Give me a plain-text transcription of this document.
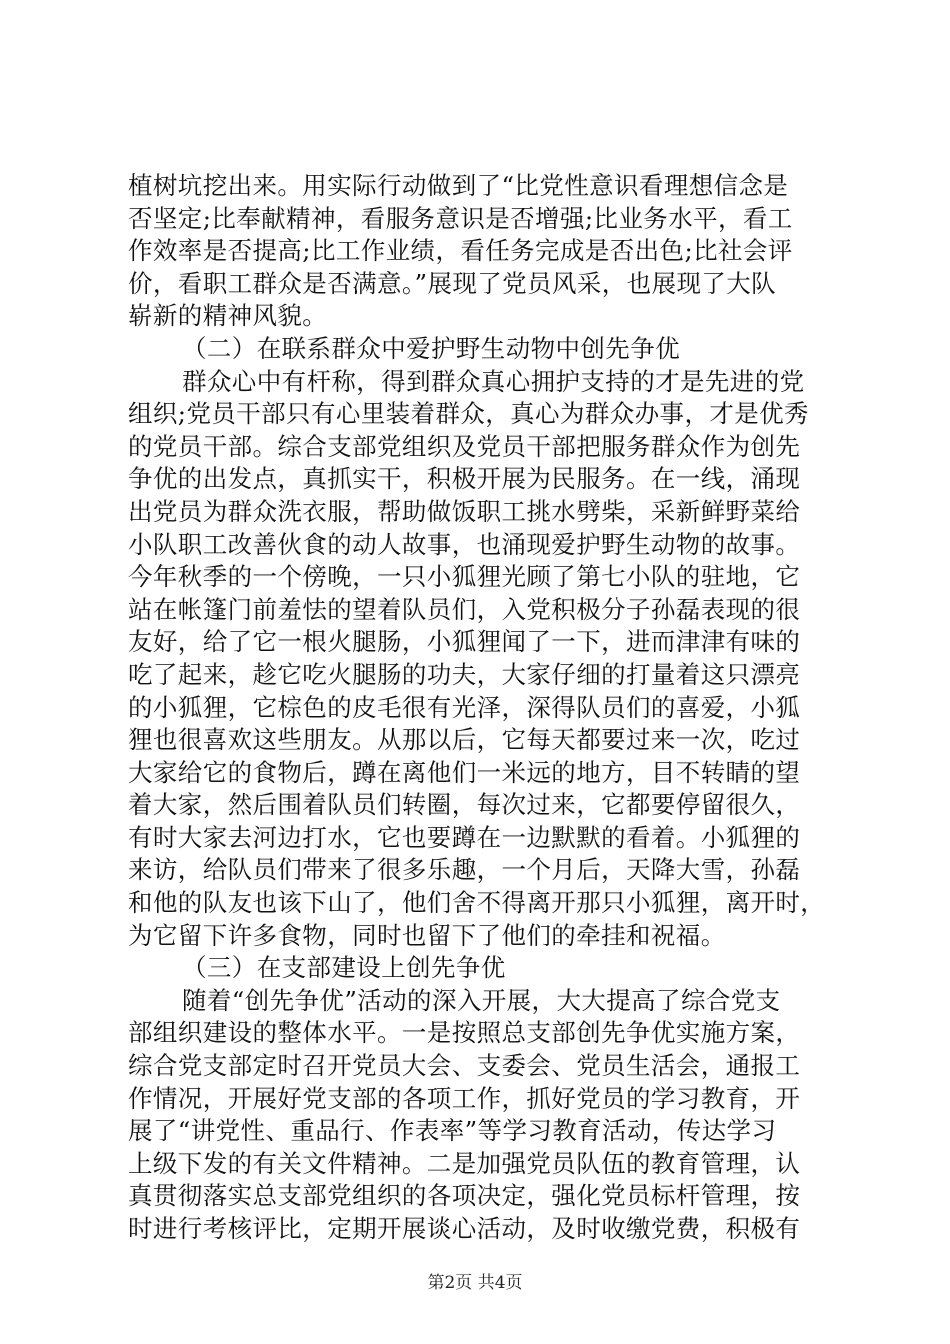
植树坑挖出来。用实际行动做到了“比党性意识看理想信念是
否坚定;比奉献精神，看服务意识是否增强;比业务水平，看工
作效率是否提高;比工作业绩，看任务完成是否出色;比社会评
价，看职工群众是否满意。”展现了党员风采，也展现了大队
崭新的精神风貌。
（二）在联系群众中爱护野生动物中创先争优
群众心中有杆称，得到群众真心拥护支持的才是先进的党
组织;党员干部只有心里装着群众，真心为群众办事，才是优秀
的党员干部。综合支部党组织及党员干部把服务群众作为创先
争优的出发点，真抓实干，积极开展为民服务。在一线，涌现
出党员为群众洗衣服，帮助做饭职工挑水劈柴，采新鲜野菜给
小队职工改善伙食的动人故事，也涌现爱护野生动物的故事。
今年秋季的一个傍晚，一只小狐狸光顾了第七小队的驻地，它
站在帐篷门前羞怯的望着队员们，入党积极分子孙磊表现的很
友好，给了它一根火腿肠，小狐狸闻了一下，进而津津有味的
吃了起来，趁它吃火腿肠的功夫，大家仔细的打量着这只漂亮
的小狐狸，它棕色的皮毛很有光泽，深得队员们的喜爱，小狐
狸也很喜欢这些朋友。从那以后，它每天都要过来一次，吃过
大家给它的食物后，蹲在离他们一米远的地方，目不转睛的望
着大家，然后围着队员们转圈，每次过来，它都要停留很久，
有时大家去河边打水，它也要蹲在一边默默的看着。小狐狸的
来访，给队员们带来了很多乐趣，一个月后，天降大雪，孙磊
和他的队友也该下山了，他们舍不得离开那只小狐狸，离开时，
为它留下许多食物，同时也留下了他们的牵挂和祝福。
（三）在支部建设上创先争优
随着“创先争优”活动的深入开展，大大提高了综合党支
部组织建设的整体水平。一是按照总支部创先争优实施方案，
综合党支部定时召开党员大会、支委会、党员生活会，通报工
作情况，开展好党支部的各项工作，抓好党员的学习教育，开
展了“讲党性、重品行、作表率”等学习教育活动，传达学习
上级下发的有关文件精神。二是加强党员队伍的教育管理，认
真贯彻落实总支部党组织的各项决定，强化党员标杆管理，按
时进行考核评比，定期开展谈心活动，及时收缴党费，积极有
第2页 共4页
